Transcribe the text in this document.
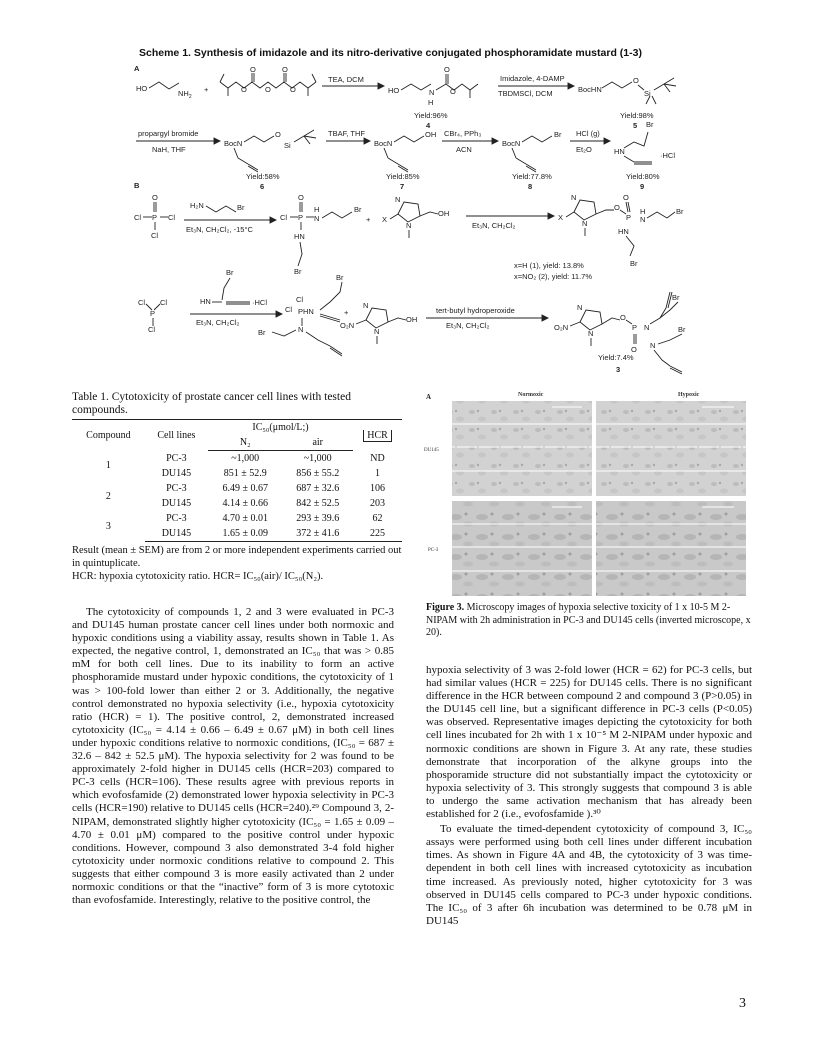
Scheme 1. Synthesis of imidazole and its nitro-derivative conjugated phosphoramidate mustard (1-3)
A
B
HO
$NH_2$
+
O	O
O
O	O
TEA, DCM
HO	N
H
O
O
Yield:96%
4
Imidazole, 4-DAMP
TBDMSCl, DCM	BocHN
O
Si
Yield:98%
5
propargyl bromide
NaH, THF
BocN
O
Si
Yield:58%
6
TBAF, THF
BocN
OH
Yield:85%
7
CBr₄, PPh₃
ACN
BocN
Br
Yield:77.8%
8
HCl (g)
Et₂O
Br
HN	·HCl
Yield:80%
9
Cl P Cl
O
Cl
H₂N	Br
Et₃N, CH₂Cl₂, -15°C
Cl P
O
H
N
Br
HN
Br
+ X
N
N
OH
Et₃N, CH₂Cl₂
X
N
N
O
P
O
H
N
Br
HN
Br
x=H (1), yield: 13.8%
x=NO₂ (2), yield: 11.7%
Cl Cl
P
Cl
Br
HN	·HCl
Et₃N, CH₂Cl₂
Cl
Cl PHN
Br
N
Br
+
O₂N
N
N
OH
tert-butyl hydroperoxide
Et₃N, CH₂Cl₂	O₂N
N
N
O
P
O
N
Br
N
Br
Yield:7.4%
3
Table 1. Cytotoxicity of prostate cancer cell lines with tested compounds.
Compound	Cell lines	IC₅₀(μmol/L;)		HCR
		N₂	air	
1	PC-3	~1,000	~1,000	ND
	DU145	851 ± 52.9	856 ± 55.2	1
2	PC-3	6.49 ± 0.67	687 ± 32.6	106
	DU145	4.14 ± 0.66	842 ± 52.5	203
3	PC-3	4.70 ± 0.01	293 ± 39.6	62
	DU145	1.65 ± 0.09	372 ± 41.6	225
Result (mean ± SEM) are from 2 or more independent experiments carried out in quintuplicate.
HCR: hypoxia cytotoxicity ratio. HCR= IC₅₀(air)/ IC₅₀(N₂).
A	Normoxic	Hypoxic
DU145
PC-3
Figure 3. Microscopy images of hypoxia selective toxicity of 1 x 10-5 M 2-NIPAM with 2h administration in PC-3 and DU145 cells (inverted microscope, x 20).

The cytotoxicity of compounds 1, 2 and 3 were evaluated in PC-3 and DU145 human prostate cancer cell lines under both normoxic and hypoxic conditions using a viability assay, results shown in Table 1. As expected, the negative control, 1, demonstrated an IC₅₀ that was > 0.85 mM for both cell lines. Due to its inability to form an active phosphoramide mustard under hypoxic conditions, the cytotoxicity of 1 was > 100-fold lower than either 2 or 3. Additionally, the negative control demonstrated no hypoxia selectivity (i.e., hypoxia cytotoxicity ratio (HCR) = 1). The positive control, 2, demonstrated increased cytotoxicity (IC₅₀ = 4.14 ± 0.66 – 6.49 ± 0.67 μM) in both cell lines under hypoxic conditions relative to normoxic conditions, (IC₅₀ = 687 ± 32.6 – 842 ± 52.5 μM). The hypoxia selectivity for 2 was found to be approximately 2-fold higher in DU145 cells (HCR=203) compared to PC-3 cells (HCR=106). These results agree with previous reports in which evofosfamide (2) demonstrated lower hypoxia selectivity in PC-3 cells (HCR=190) relative to DU145 cells (HCR=240).²⁹ Compound 3, 2-NIPAM, demonstrated slightly higher cytotoxicity (IC₅₀ = 1.65 ± 0.09 – 4.70 ± 0.01 μM) compared to the positive control under hypoxic conditions. However, compound 3 also demonstrated 3-4 fold higher cytotoxicity under normoxic conditions relative to compound 2. This suggests that either compound 3 is more easily activated than 2 under normoxic conditions or that the “inactive” form of 3 is more cytotoxic than evofosfamide. Interestingly, relative to the positive control, the

hypoxia selectivity of 3 was 2-fold lower (HCR = 62) for PC-3 cells, but had similar values (HCR = 225) for DU145 cells. There is no significant difference in the HCR between compound 2 and compound 3 (P>0.05) in the DU145 cell line, but a significant difference in PC-3 cells (P<0.05) was observed. Representative images depicting the cytotoxicity for both cell lines incubated for 2h with 1 x 10⁻⁵ M 2-NIPAM under hypoxic and normoxic conditions are shown in Figure 3. At any rate, these studies demonstrate that incorporation of the alkyne groups into the phosporamide structure did not substantially impact the cytotoxicity or hypoxia selectivity of 3. This strongly suggests that compound 3 is able to undergo the same activation mechanism that has already been established for 2 (i.e., evofosfamide ).³⁰

To evaluate the timed-dependent cytotoxicity of compound 3, IC₅₀ assays were performed using both cell lines under different incubation times. As shown in Figure 4A and 4B, the cytotoxicity of 3 was time-dependent in both cell lines with increased cytotoxicity as incubation time increased. As previously noted, higher cytotoxicity for 3 was observed in DU145 cells compared to PC-3 under hypoxic conditions. The IC₅₀ of 3 after 6h incubation was determined to be 0.78 μM in DU145

3
